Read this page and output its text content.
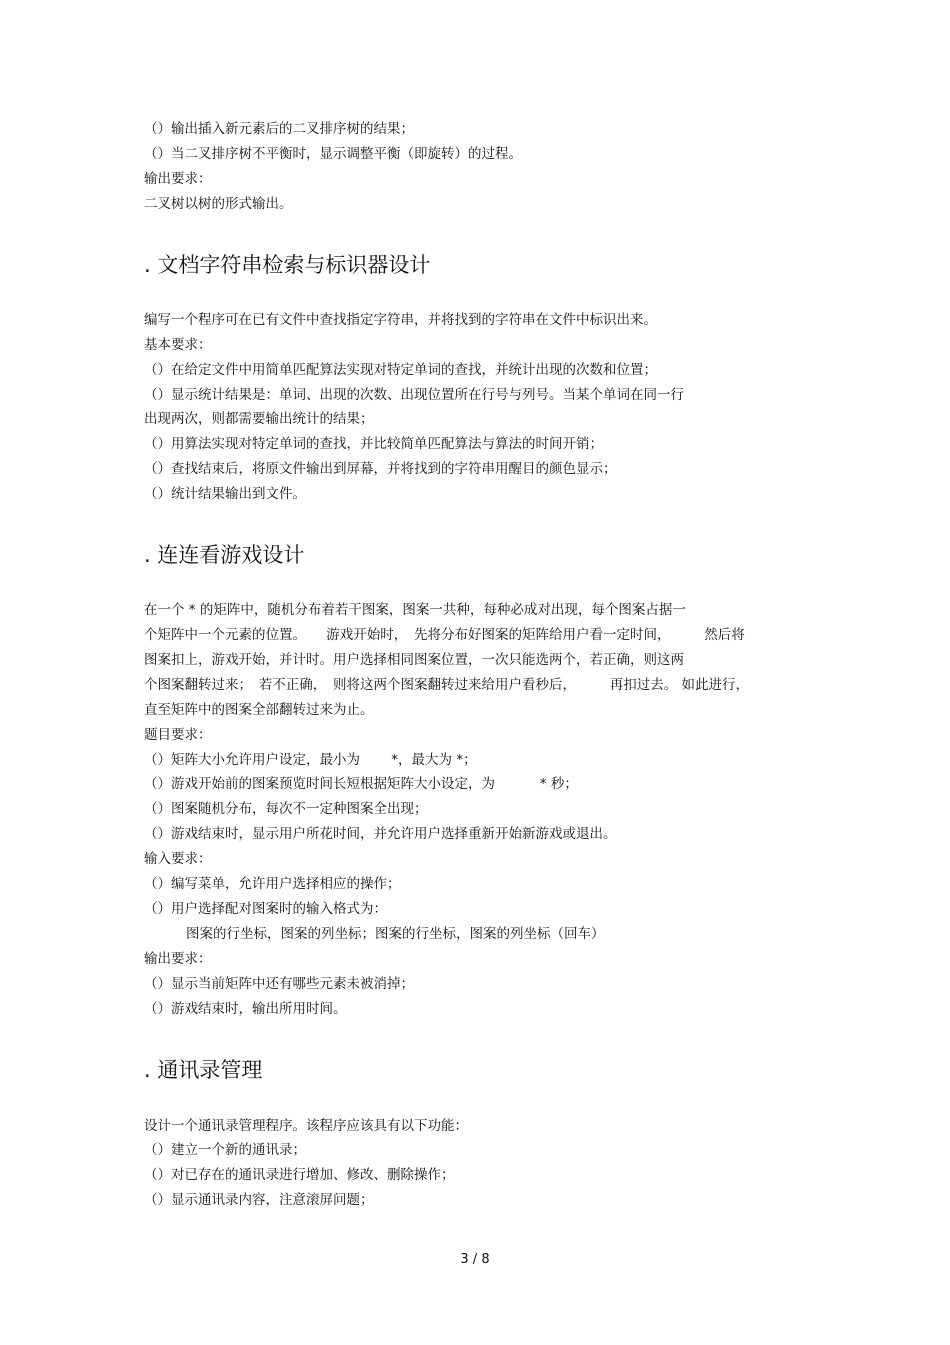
（）输出插入新元素后的二叉排序树的结果；
（）当二叉排序树不平衡时，显示调整平衡（即旋转）的过程。
输出要求：
二叉树以树的形式输出。
. 文档字符串检索与标识器设计
编写一个程序可在已有文件中查找指定字符串，并将找到的字符串在文件中标识出来。
基本要求：
（）在给定文件中用简单匹配算法实现对特定单词的查找，并统计出现的次数和位置；
（）显示统计结果是：单词、出现的次数、出现位置所在行号与列号。当某个单词在同一行
出现两次，则都需要输出统计的结果；
（）用算法实现对特定单词的查找，并比较简单匹配算法与算法的时间开销；
（）查找结束后，将原文件输出到屏幕，并将找到的字符串用醒目的颜色显示；
（）统计结果输出到文件。
. 连连看游戏设计
在一个 * 的矩阵中，随机分布着若干图案，图案一共种，每种必成对出现，每个图案占据一
个矩阵中一个元素的位置。　　游戏开始时，　先将分布好图案的矩阵给用户看一定时间，　　　然后将
图案扣上，游戏开始，并计时。用户选择相同图案位置，一次只能选两个，若正确，则这两
个图案翻转过来；　若不正确，　则将这两个图案翻转过来给用户看秒后，　　　再扣过去。 如此进行，
直至矩阵中的图案全部翻转过来为止。
题目要求：
（）矩阵大小允许用户设定，最小为　　 *，最大为 *；
（）游戏开始前的图案预览时间长短根据矩阵大小设定，为　　　 * 秒；
（）图案随机分布，每次不一定种图案全出现；
（）游戏结束时，显示用户所花时间，并允许用户选择重新开始新游戏或退出。
输入要求：
（）编写菜单，允许用户选择相应的操作；
（）用户选择配对图案时的输入格式为：
图案的行坐标，图案的列坐标；图案的行坐标，图案的列坐标（回车）
输出要求：
（）显示当前矩阵中还有哪些元素未被消掉；
（）游戏结束时，输出所用时间。
. 通讯录管理
设计一个通讯录管理程序。该程序应该具有以下功能：
（）建立一个新的通讯录；
（）对已存在的通讯录进行增加、修改、删除操作；
（）显示通讯录内容，注意滚屏问题；
3 / 8
